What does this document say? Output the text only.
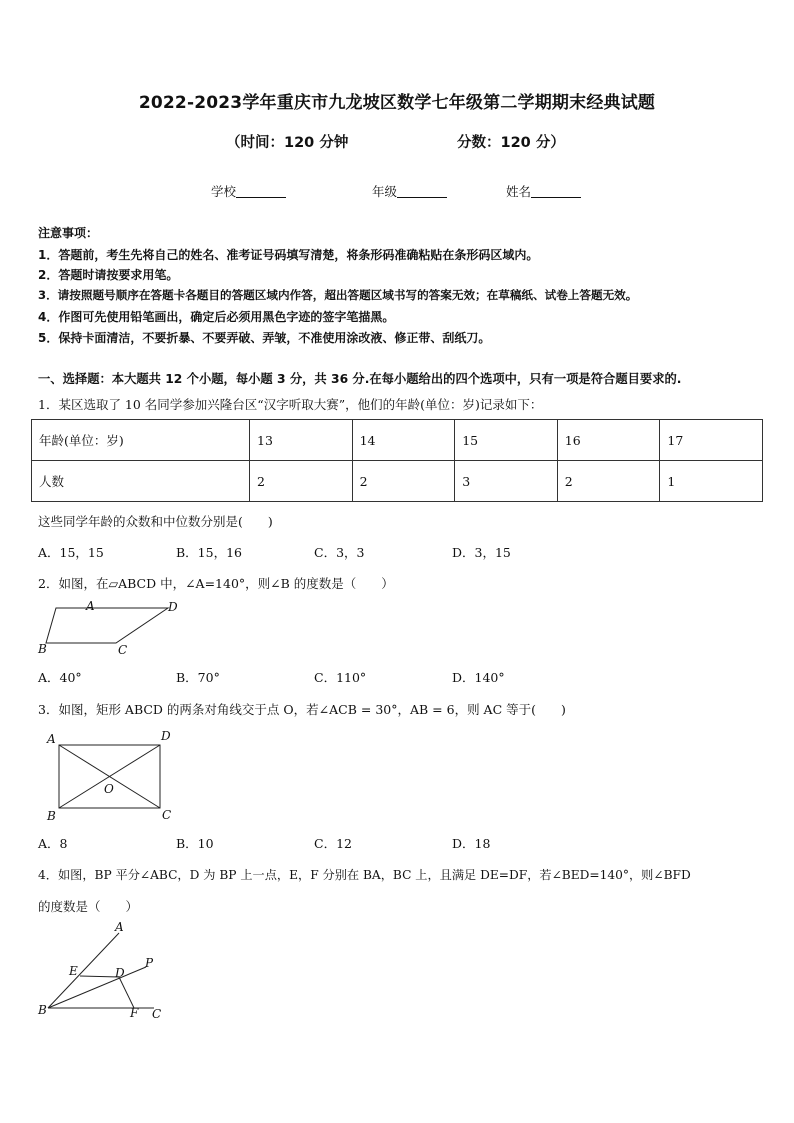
2022-2023学年重庆市九龙坡区数学七年级第二学期期末经典试题
（时间：120 分钟	分数：120 分）
学校	年级	姓名
注意事项：
1．答题前，考生先将自己的姓名、准考证号码填写清楚，将条形码准确粘贴在条形码区域内。
2．答题时请按要求用笔。
3．请按照题号顺序在答题卡各题目的答题区域内作答，超出答题区域书写的答案无效；在草稿纸、试卷上答题无效。
4．作图可先使用铅笔画出，确定后必须用黑色字迹的签字笔描黑。
5．保持卡面清洁，不要折暴、不要弄破、弄皱，不准使用涂改液、修正带、刮纸刀。
一、选择题：本大题共 12 个小题，每小题 3 分，共 36 分.在每小题给出的四个选项中，只有一项是符合题目要求的.
1．某区选取了 10 名同学参加兴隆台区“汉字听取大赛”，他们的年龄(单位：岁)记录如下：
年龄(单位：岁)	13	14	15	16	17
人数	2	2	3	2	1
这些同学年龄的众数和中位数分别是(　　)
A．15，15	B．15，16	C．3，3	D．3，15
2．如图，在▱ABCD 中，∠A=140°，则∠B 的度数是（　　）
A	D
B	C
A．40°	B．70°	C．110°	D．140°
3．如图，矩形 ABCD 的两条对角线交于点 O，若∠ACB = 30°，AB = 6，则 AC 等于(　　)
A	D
O
B	C
A．8	B．10	C．12	D．18
4．如图，BP 平分∠ABC，D 为 BP 上一点，E，F 分别在 BA，BC 上，且满足 DE=DF，若∠BED=140°，则∠BFD
的度数是（　　）
A
P
E	D
B	F C
